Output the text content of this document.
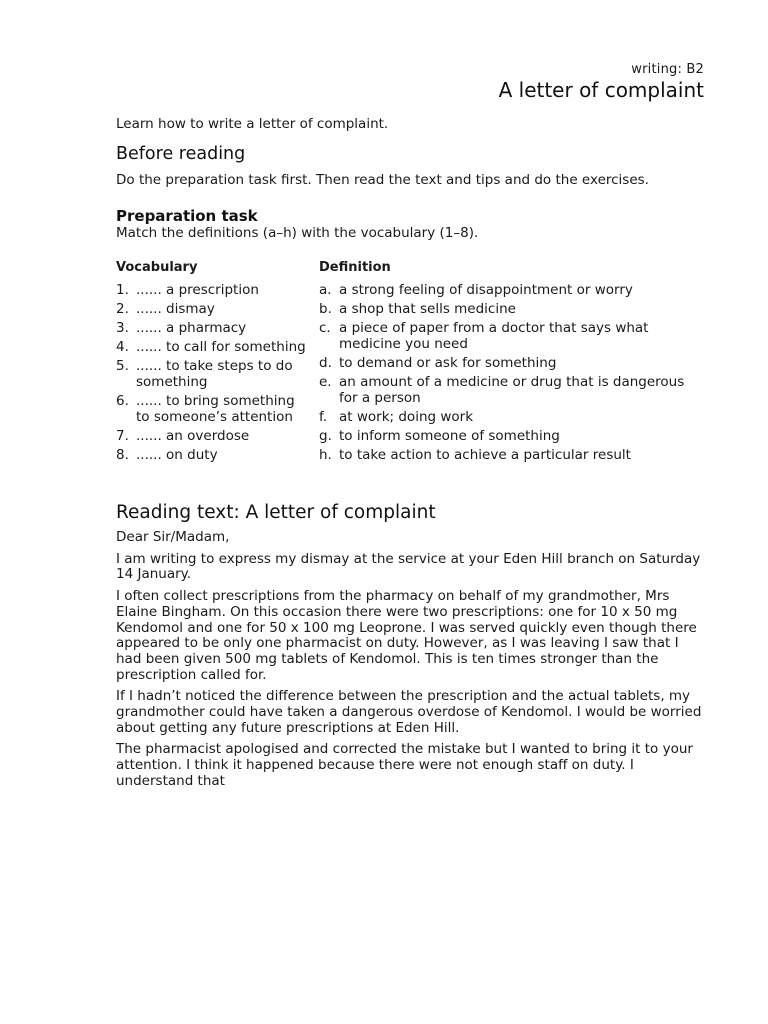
writing: B2
A letter of complaint
Learn how to write a letter of complaint.
Before reading
Do the preparation task first. Then read the text and tips and do the exercises.
Preparation task
Match the definitions (a–h) with the vocabulary (1–8).
Vocabulary	Definition
1. ...... a prescription
2. ...... dismay
3. ...... a pharmacy
4. ...... to call for something
5. ...... to take steps to do something
6. ...... to bring something to someone’s attention
7. ...... an overdose
8. ...... on duty
a. a strong feeling of disappointment or worry
b. a shop that sells medicine
c. a piece of paper from a doctor that says what medicine you need
d. to demand or ask for something
e. an amount of a medicine or drug that is dangerous for a person
f. at work; doing work
g. to inform someone of something
h. to take action to achieve a particular result
Reading text: A letter of complaint

Dear Sir/Madam,

I am writing to express my dismay at the service at your Eden Hill branch on Saturday 14 January.

I often collect prescriptions from the pharmacy on behalf of my grandmother, Mrs Elaine Bingham. On this occasion there were two prescriptions: one for 10 x 50 mg Kendomol and one for 50 x 100 mg Leoprone. I was served quickly even though there appeared to be only one pharmacist on duty. However, as I was leaving I saw that I had been given 500 mg tablets of Kendomol. This is ten times stronger than the prescription called for.

If I hadn’t noticed the difference between the prescription and the actual tablets, my grandmother could have taken a dangerous overdose of Kendomol. I would be worried about getting any future prescriptions at Eden Hill.

The pharmacist apologised and corrected the mistake but I wanted to bring it to your attention. I think it happened because there were not enough staff on duty. I understand that
